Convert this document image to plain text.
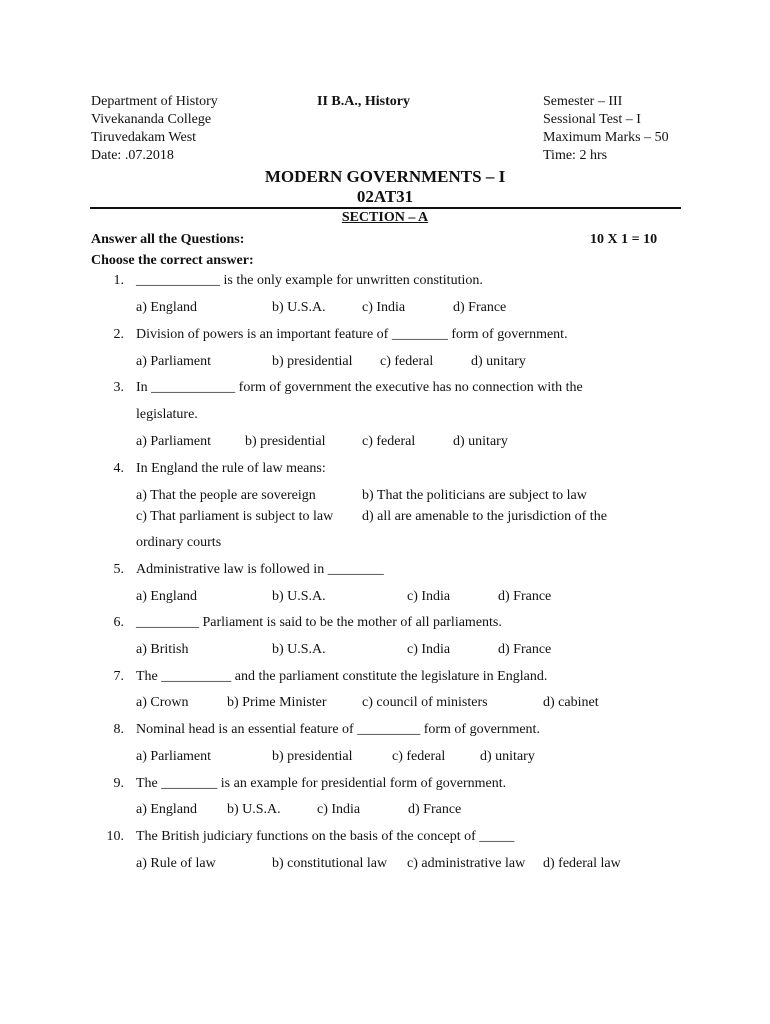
Department of History
Vivekananda College
Tiruvedakam West
Date: .07.2018
II B.A., History	Semester – III
Sessional Test – I
Maximum Marks – 50
Time: 2 hrs
MODERN GOVERNMENTS – I
02AT31
SECTION – A
Answer all the Questions:	10 X 1 = 10
Choose the correct answer:
1. ____________ is the only example for unwritten constitution.
a) England	b) U.S.A.	c) India	d) France
2. Division of powers is an important feature of ________ form of government.
a) Parliament	b) presidential c) federal	d) unitary
3. In ____________ form of government the executive has no connection with the
legislature.
a) Parliament b) presidential	c) federal	d) unitary
4. In England the rule of law means:
a) That the people are sovereign	b) That the politicians are subject to law
c) That parliament is subject to law d) all are amenable to the jurisdiction of the
ordinary courts
5. Administrative law is followed in ________
a) England	b) U.S.A.	c) India	d) France
6. _________ Parliament is said to be the mother of all parliaments.
a) British	b) U.S.A.	c) India	d) France
7. The __________ and the parliament constitute the legislature in England.
a) Crown	b) Prime Minister	c) council of ministers	d) cabinet
8. Nominal head is an essential feature of _________ form of government.
a) Parliament	b) presidential	c) federal d) unitary
9. The ________ is an example for presidential form of government.
a) England b) U.S.A.	c) India	d) France
10. The British judiciary functions on the basis of the concept of _____
a) Rule of law	b) constitutional law c) administrative law d) federal law
